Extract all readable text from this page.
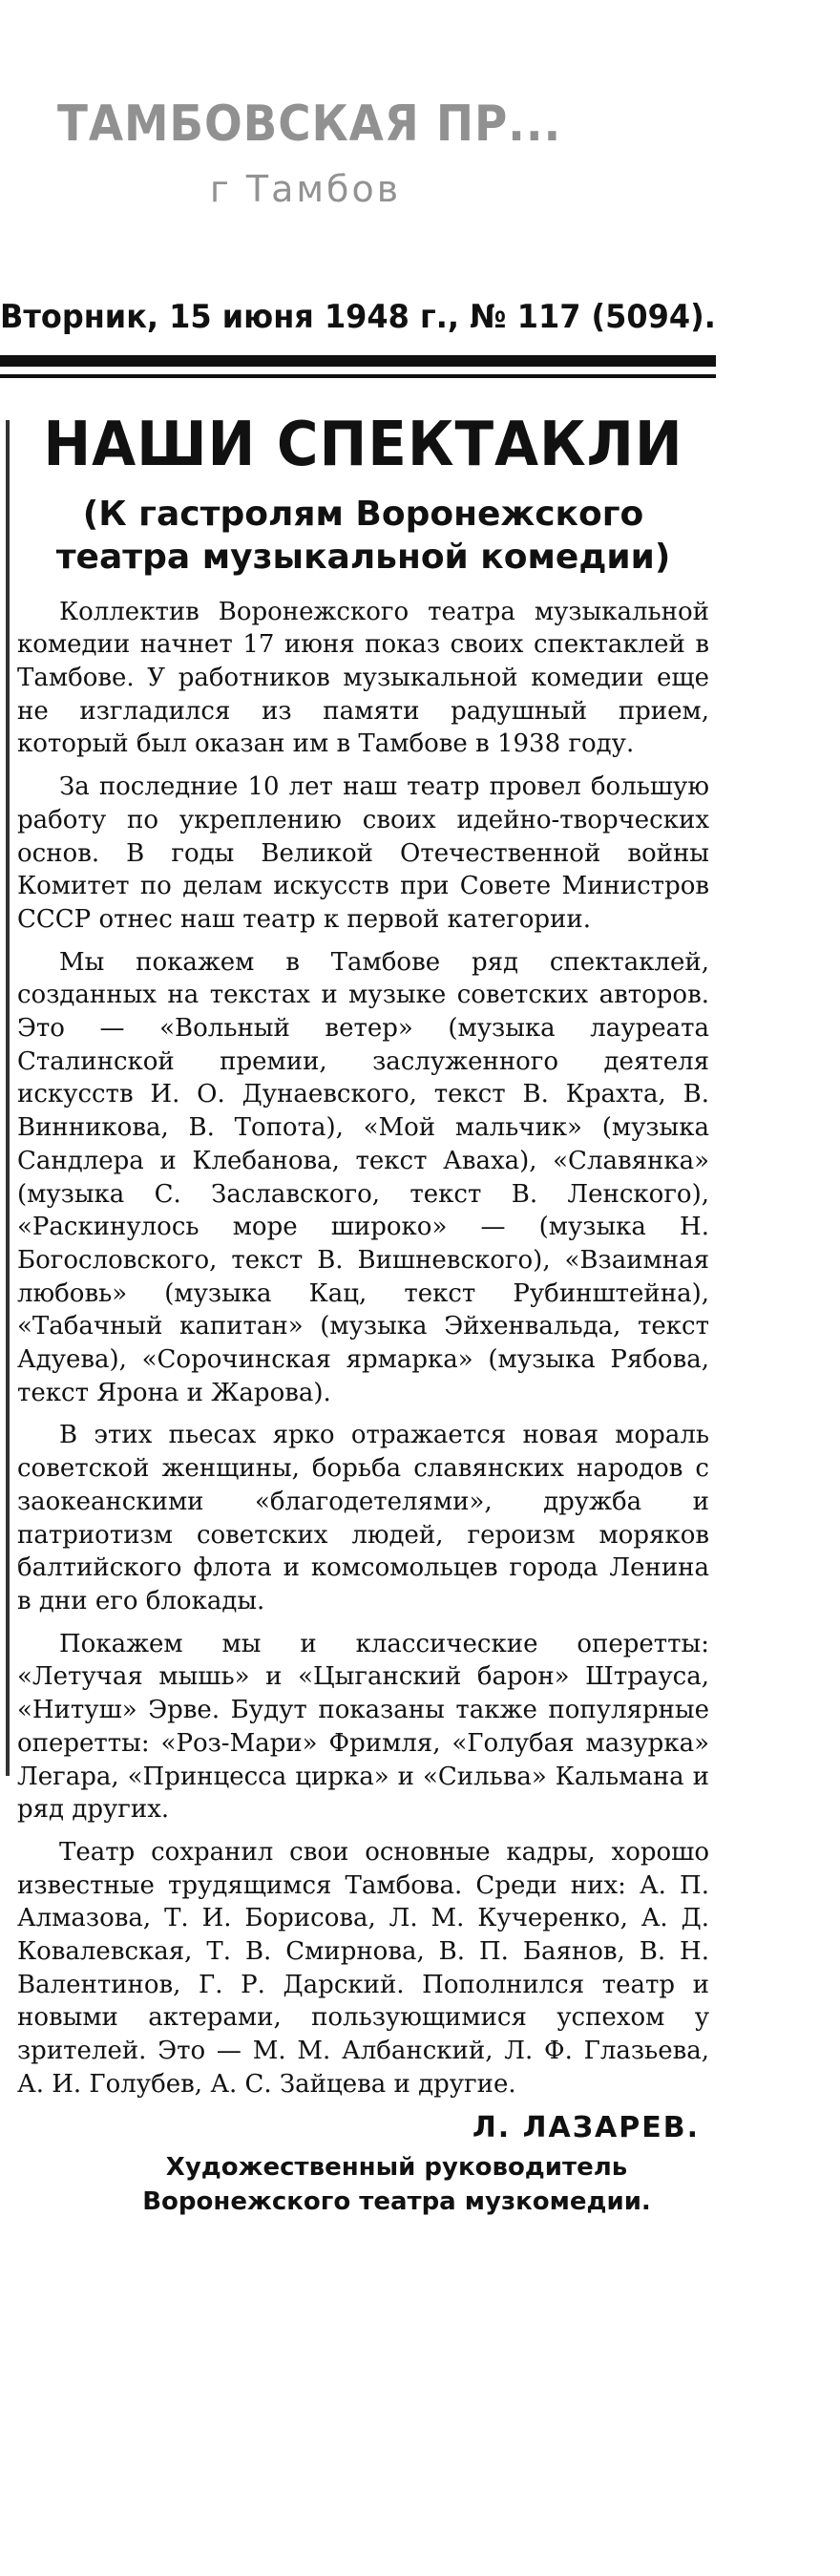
ТАМБОВСКАЯ ПР...
г Тамбов
Вторник, 15 июня 1948 г., № 117 (5094).
НАШИ СПЕКТАКЛИ
(К гастролям Воронежского театра музыкальной комедии)

Коллектив Воронежского театра музыкальной комедии начнет 17 июня показ своих спектаклей в Тамбове. У работников музыкальной комедии еще не изгладился из памяти радушный прием, который был оказан им в Тамбове в 1938 году.

За последние 10 лет наш театр провел большую работу по укреплению своих идейно-творческих основ. В годы Великой Отечественной войны Комитет по делам искусств при Совете Министров СССР отнес наш театр к первой категории.

Мы покажем в Тамбове ряд спектаклей, созданных на текстах и музыке советских авторов. Это — «Вольный ветер» (музыка лауреата Сталинской премии, заслуженного деятеля искусств И. О. Дунаевского, текст В. Крахта, В. Винникова, В. Топота), «Мой мальчик» (музыка Сандлера и Клебанова, текст Аваха), «Славянка» (музыка С. Заславского, текст В. Ленского), «Раскинулось море широко» — (музыка Н. Богословского, текст В. Вишневского), «Взаимная любовь» (музыка Кац, текст Рубинштейна), «Табачный капитан» (музыка Эйхенвальда, текст Адуева), «Сорочинская ярмарка» (музыка Рябова, текст Ярона и Жарова).

В этих пьесах ярко отражается новая мораль советской женщины, борьба славянских народов с заокеанскими «благодетелями», дружба и патриотизм советских людей, героизм моряков балтийского флота и комсомольцев города Ленина в дни его блокады.

Покажем мы и классические оперетты: «Летучая мышь» и «Цыганский барон» Штрауса, «Нитуш» Эрве. Будут показаны также популярные оперетты: «Роз-Мари» Фримля, «Голубая мазурка» Легара, «Принцесса цирка» и «Сильва» Кальмана и ряд других.

Театр сохранил свои основные кадры, хорошо известные трудящимся Тамбова. Среди них: А. П. Алмазова, Т. И. Борисова, Л. М. Кучеренко, А. Д. Ковалевская, Т. В. Смирнова, В. П. Баянов, В. Н. Валентинов, Г. Р. Дарский. Пополнился театр и новыми актерами, пользующимися успехом у зрителей. Это — М. М. Албанский, Л. Ф. Глазьева, А. И. Голубев, А. С. Зайцева и другие.

Л. ЛАЗАРЕВ.
Художественный руководитель
Воронежского театра музкомедии.
